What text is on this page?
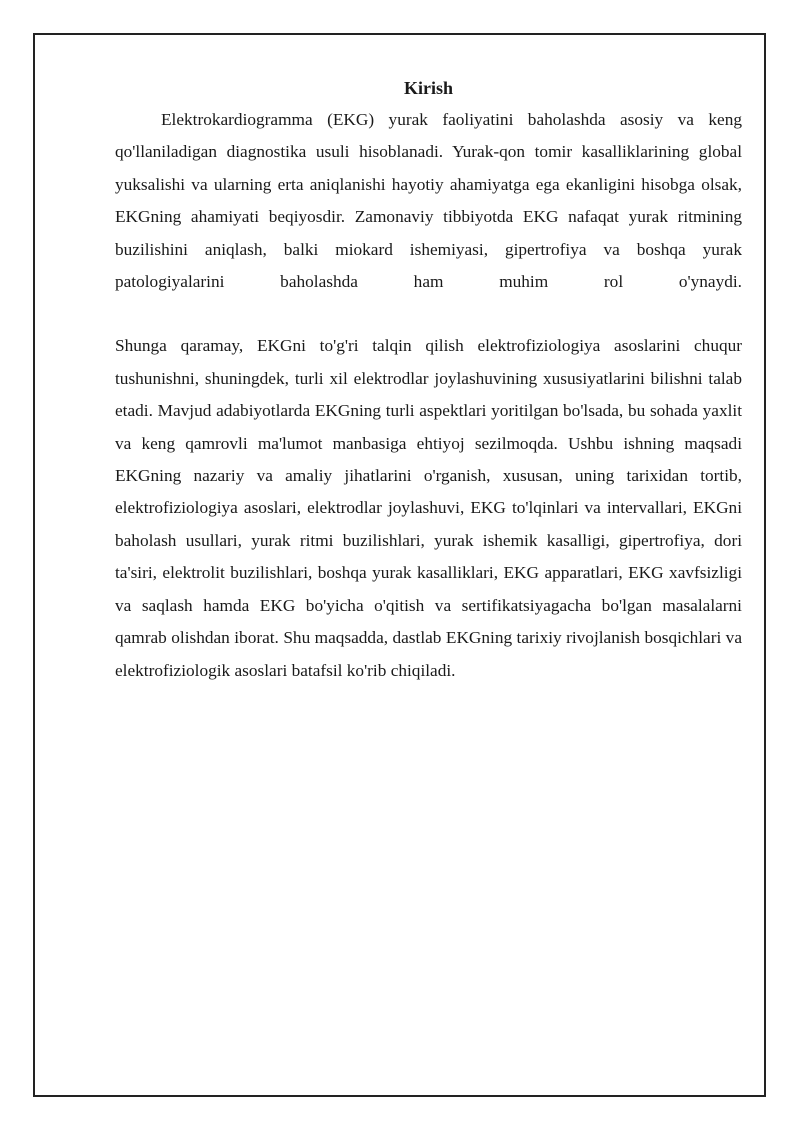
Kirish

Elektrokardiogramma (EKG) yurak faoliyatini baholashda asosiy va keng qo'llaniladigan diagnostika usuli hisoblanadi. Yurak-qon tomir kasalliklarining global yuksalishi va ularning erta aniqlanishi hayotiy ahamiyatga ega ekanligini hisobga olsak, EKGning ahamiyati beqiyosdir. Zamonaviy tibbiyotda EKG nafaqat yurak ritmining buzilishini aniqlash, balki miokard ishemiyasi, gipertrofiya va boshqa yurak patologiyalarini baholashda ham muhim rol o'ynaydi.

Shunga qaramay, EKGni to'g'ri talqin qilish elektrofiziologiya asoslarini chuqur tushunishni, shuningdek, turli xil elektrodlar joylashuvining xususiyatlarini bilishni talab etadi. Mavjud adabiyotlarda EKGning turli aspektlari yoritilgan bo'lsada, bu sohada yaxlit va keng qamrovli ma'lumot manbasiga ehtiyoj sezilmoqda. Ushbu ishning maqsadi EKGning nazariy va amaliy jihatlarini o'rganish, xususan, uning tarixidan tortib, elektrofiziologiya asoslari, elektrodlar joylashuvi, EKG to'lqinlari va intervallari, EKGni baholash usullari, yurak ritmi buzilishlari, yurak ishemik kasalligi, gipertrofiya, dori ta'siri, elektrolit buzilishlari, boshqa yurak kasalliklari, EKG apparatlari, EKG xavfsizligi va saqlash hamda EKG bo'yicha o'qitish va sertifikatsiyagacha bo'lgan masalalarni qamrab olishdan iborat. Shu maqsadda, dastlab EKGning tarixiy rivojlanish bosqichlari va elektrofiziologik asoslari batafsil ko'rib chiqiladi.
